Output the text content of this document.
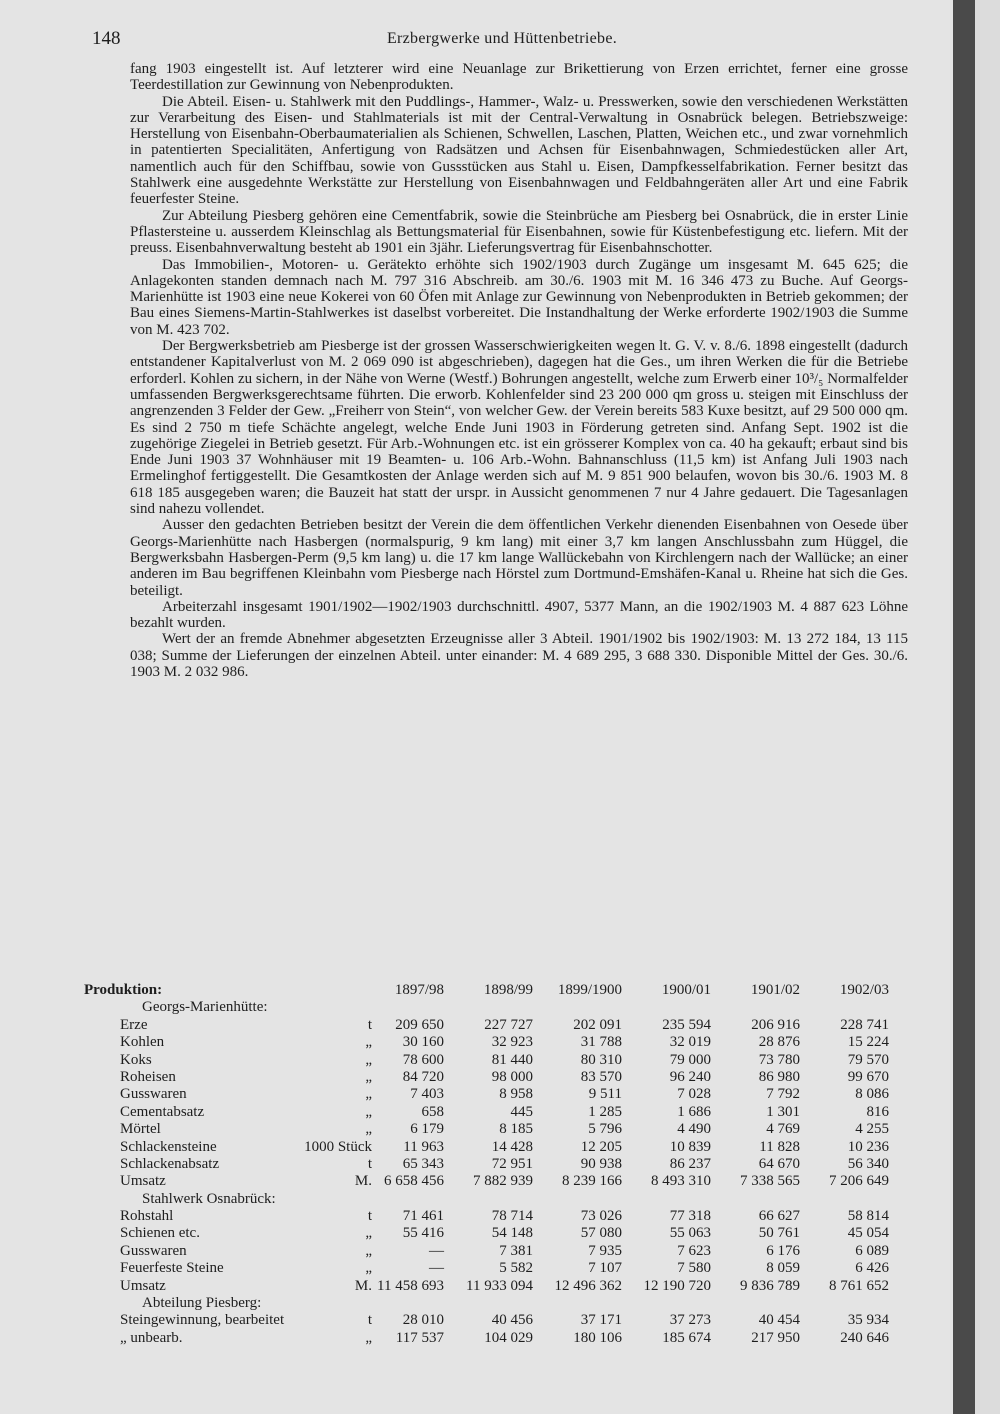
148	Erzbergwerke und Hüttenbetriebe.

fang 1903 eingestellt ist. Auf letzterer wird eine Neuanlage zur Brikettierung von Erzen errichtet, ferner eine grosse Teerdestillation zur Gewinnung von Nebenprodukten.

Die Abteil. Eisen- u. Stahlwerk mit den Puddlings-, Hammer-, Walz- u. Presswerken, sowie den verschiedenen Werkstätten zur Verarbeitung des Eisen- und Stahlmaterials ist mit der Central-Verwaltung in Osnabrück belegen. Betriebszweige: Herstellung von Eisenbahn-Oberbaumaterialien als Schienen, Schwellen, Laschen, Platten, Weichen etc., und zwar vornehmlich in patentierten Specialitäten, Anfertigung von Radsätzen und Achsen für Eisenbahnwagen, Schmiedestücken aller Art, namentlich auch für den Schiffbau, sowie von Gussstücken aus Stahl u. Eisen, Dampfkesselfabrikation. Ferner besitzt das Stahlwerk eine ausgedehnte Werkstätte zur Herstellung von Eisenbahnwagen und Feldbahngeräten aller Art und eine Fabrik feuerfester Steine.

Zur Abteilung Piesberg gehören eine Cementfabrik, sowie die Steinbrüche am Piesberg bei Osnabrück, die in erster Linie Pflastersteine u. ausserdem Kleinschlag als Bettungsmaterial für Eisenbahnen, sowie für Küstenbefestigung etc. liefern. Mit der preuss. Eisenbahnverwaltung besteht ab 1901 ein 3jähr. Lieferungsvertrag für Eisenbahnschotter.

Das Immobilien-, Motoren- u. Gerätekto erhöhte sich 1902/1903 durch Zugänge um insgesamt M. 645 625; die Anlagekonten standen demnach nach M. 797 316 Abschreib. am 30./6. 1903 mit M. 16 346 473 zu Buche. Auf Georgs-Marienhütte ist 1903 eine neue Kokerei von 60 Öfen mit Anlage zur Gewinnung von Nebenprodukten in Betrieb gekommen; der Bau eines Siemens-Martin-Stahlwerkes ist daselbst vorbereitet. Die Instandhaltung der Werke erforderte 1902/1903 die Summe von M. 423 702.

Der Bergwerksbetrieb am Piesberge ist der grossen Wasserschwierigkeiten wegen lt. G. V. v. 8./6. 1898 eingestellt (dadurch entstandener Kapitalverlust von M. 2 069 090 ist abgeschrieben), dagegen hat die Ges., um ihren Werken die für die Betriebe erforderl. Kohlen zu sichern, in der Nähe von Werne (Westf.) Bohrungen angestellt, welche zum Erwerb einer 10³/₅ Normalfelder umfassenden Bergwerksgerechtsame führten. Die erworb. Kohlenfelder sind 23 200 000 qm gross u. steigen mit Einschluss der angrenzenden 3 Felder der Gew. „Freiherr von Stein“, von welcher Gew. der Verein bereits 583 Kuxe besitzt, auf 29 500 000 qm. Es sind 2 750 m tiefe Schächte angelegt, welche Ende Juni 1903 in Förderung getreten sind. Anfang Sept. 1902 ist die zugehörige Ziegelei in Betrieb gesetzt. Für Arb.-Wohnungen etc. ist ein grösserer Komplex von ca. 40 ha gekauft; erbaut sind bis Ende Juni 1903 37 Wohnhäuser mit 19 Beamten- u. 106 Arb.-Wohn. Bahnanschluss (11,5 km) ist Anfang Juli 1903 nach Ermelinghof fertiggestellt. Die Gesamtkosten der Anlage werden sich auf M. 9 851 900 belaufen, wovon bis 30./6. 1903 M. 8 618 185 ausgegeben waren; die Bauzeit hat statt der urspr. in Aussicht genommenen 7 nur 4 Jahre gedauert. Die Tagesanlagen sind nahezu vollendet.

Ausser den gedachten Betrieben besitzt der Verein die dem öffentlichen Verkehr dienenden Eisenbahnen von Oesede über Georgs-Marienhütte nach Hasbergen (normalspurig, 9 km lang) mit einer 3,7 km langen Anschlussbahn zum Hüggel, die Bergwerksbahn Hasbergen-Perm (9,5 km lang) u. die 17 km lange Wallückebahn von Kirchlengern nach der Wallücke; an einer anderen im Bau begriffenen Kleinbahn vom Piesberge nach Hörstel zum Dortmund-Emshäfen-Kanal u. Rheine hat sich die Ges. beteiligt.

Arbeiterzahl insgesamt 1901/1902—1902/1903 durchschnittl. 4907, 5377 Mann, an die 1902/1903 M. 4 887 623 Löhne bezahlt wurden.

Wert der an fremde Abnehmer abgesetzten Erzeugnisse aller 3 Abteil. 1901/1902 bis 1902/1903: M. 13 272 184, 13 115 038; Summe der Lieferungen der einzelnen Abteil. unter einander: M. 4 689 295, 3 688 330. Disponible Mittel der Ges. 30./6. 1903 M. 2 032 986.

Produktion:	1897/98	1898/99	1899/1900	1900/01	1901/02	1902/03
Georgs-Marienhütte:
Erze	t	209 650	227 727	202 091	235 594	206 916	228 741
Kohlen	„	30 160	32 923	31 788	32 019	28 876	15 224
Koks	„	78 600	81 440	80 310	79 000	73 780	79 570
Roheisen	„	84 720	98 000	83 570	96 240	86 980	99 670
Gusswaren	„	7 403	8 958	9 511	7 028	7 792	8 086
Cementabsatz	„	658	445	1 285	1 686	1 301	816
Mörtel	„	6 179	8 185	5 796	4 490	4 769	4 255
Schlackensteine	1000 Stück	11 963	14 428	12 205	10 839	11 828	10 236
Schlackenabsatz	t	65 343	72 951	90 938	86 237	64 670	56 340
Umsatz	M. 6 658 456	7 882 939	8 239 166	8 493 310	7 338 565	7 206 649
Stahlwerk Osnabrück:
Rohstahl	t	71 461	78 714	73 026	77 318	66 627	58 814
Schienen etc.	„	55 416	54 148	57 080	55 063	50 761	45 054
Gusswaren	„	—	7 381	7 935	7 623	6 176	6 089
Feuerfeste Steine	„	—	5 582	7 107	7 580	8 059	6 426
Umsatz	M. 11 458 693	11 933 094	12 496 362	12 190 720	9 836 789	8 761 652
Abteilung Piesberg:
Steingewinnung, bearbeitet	t	28 010	40 456	37 171	37 273	40 454	35 934
„ unbearb.	„	117 537	104 029	180 106	185 674	217 950	240 646
